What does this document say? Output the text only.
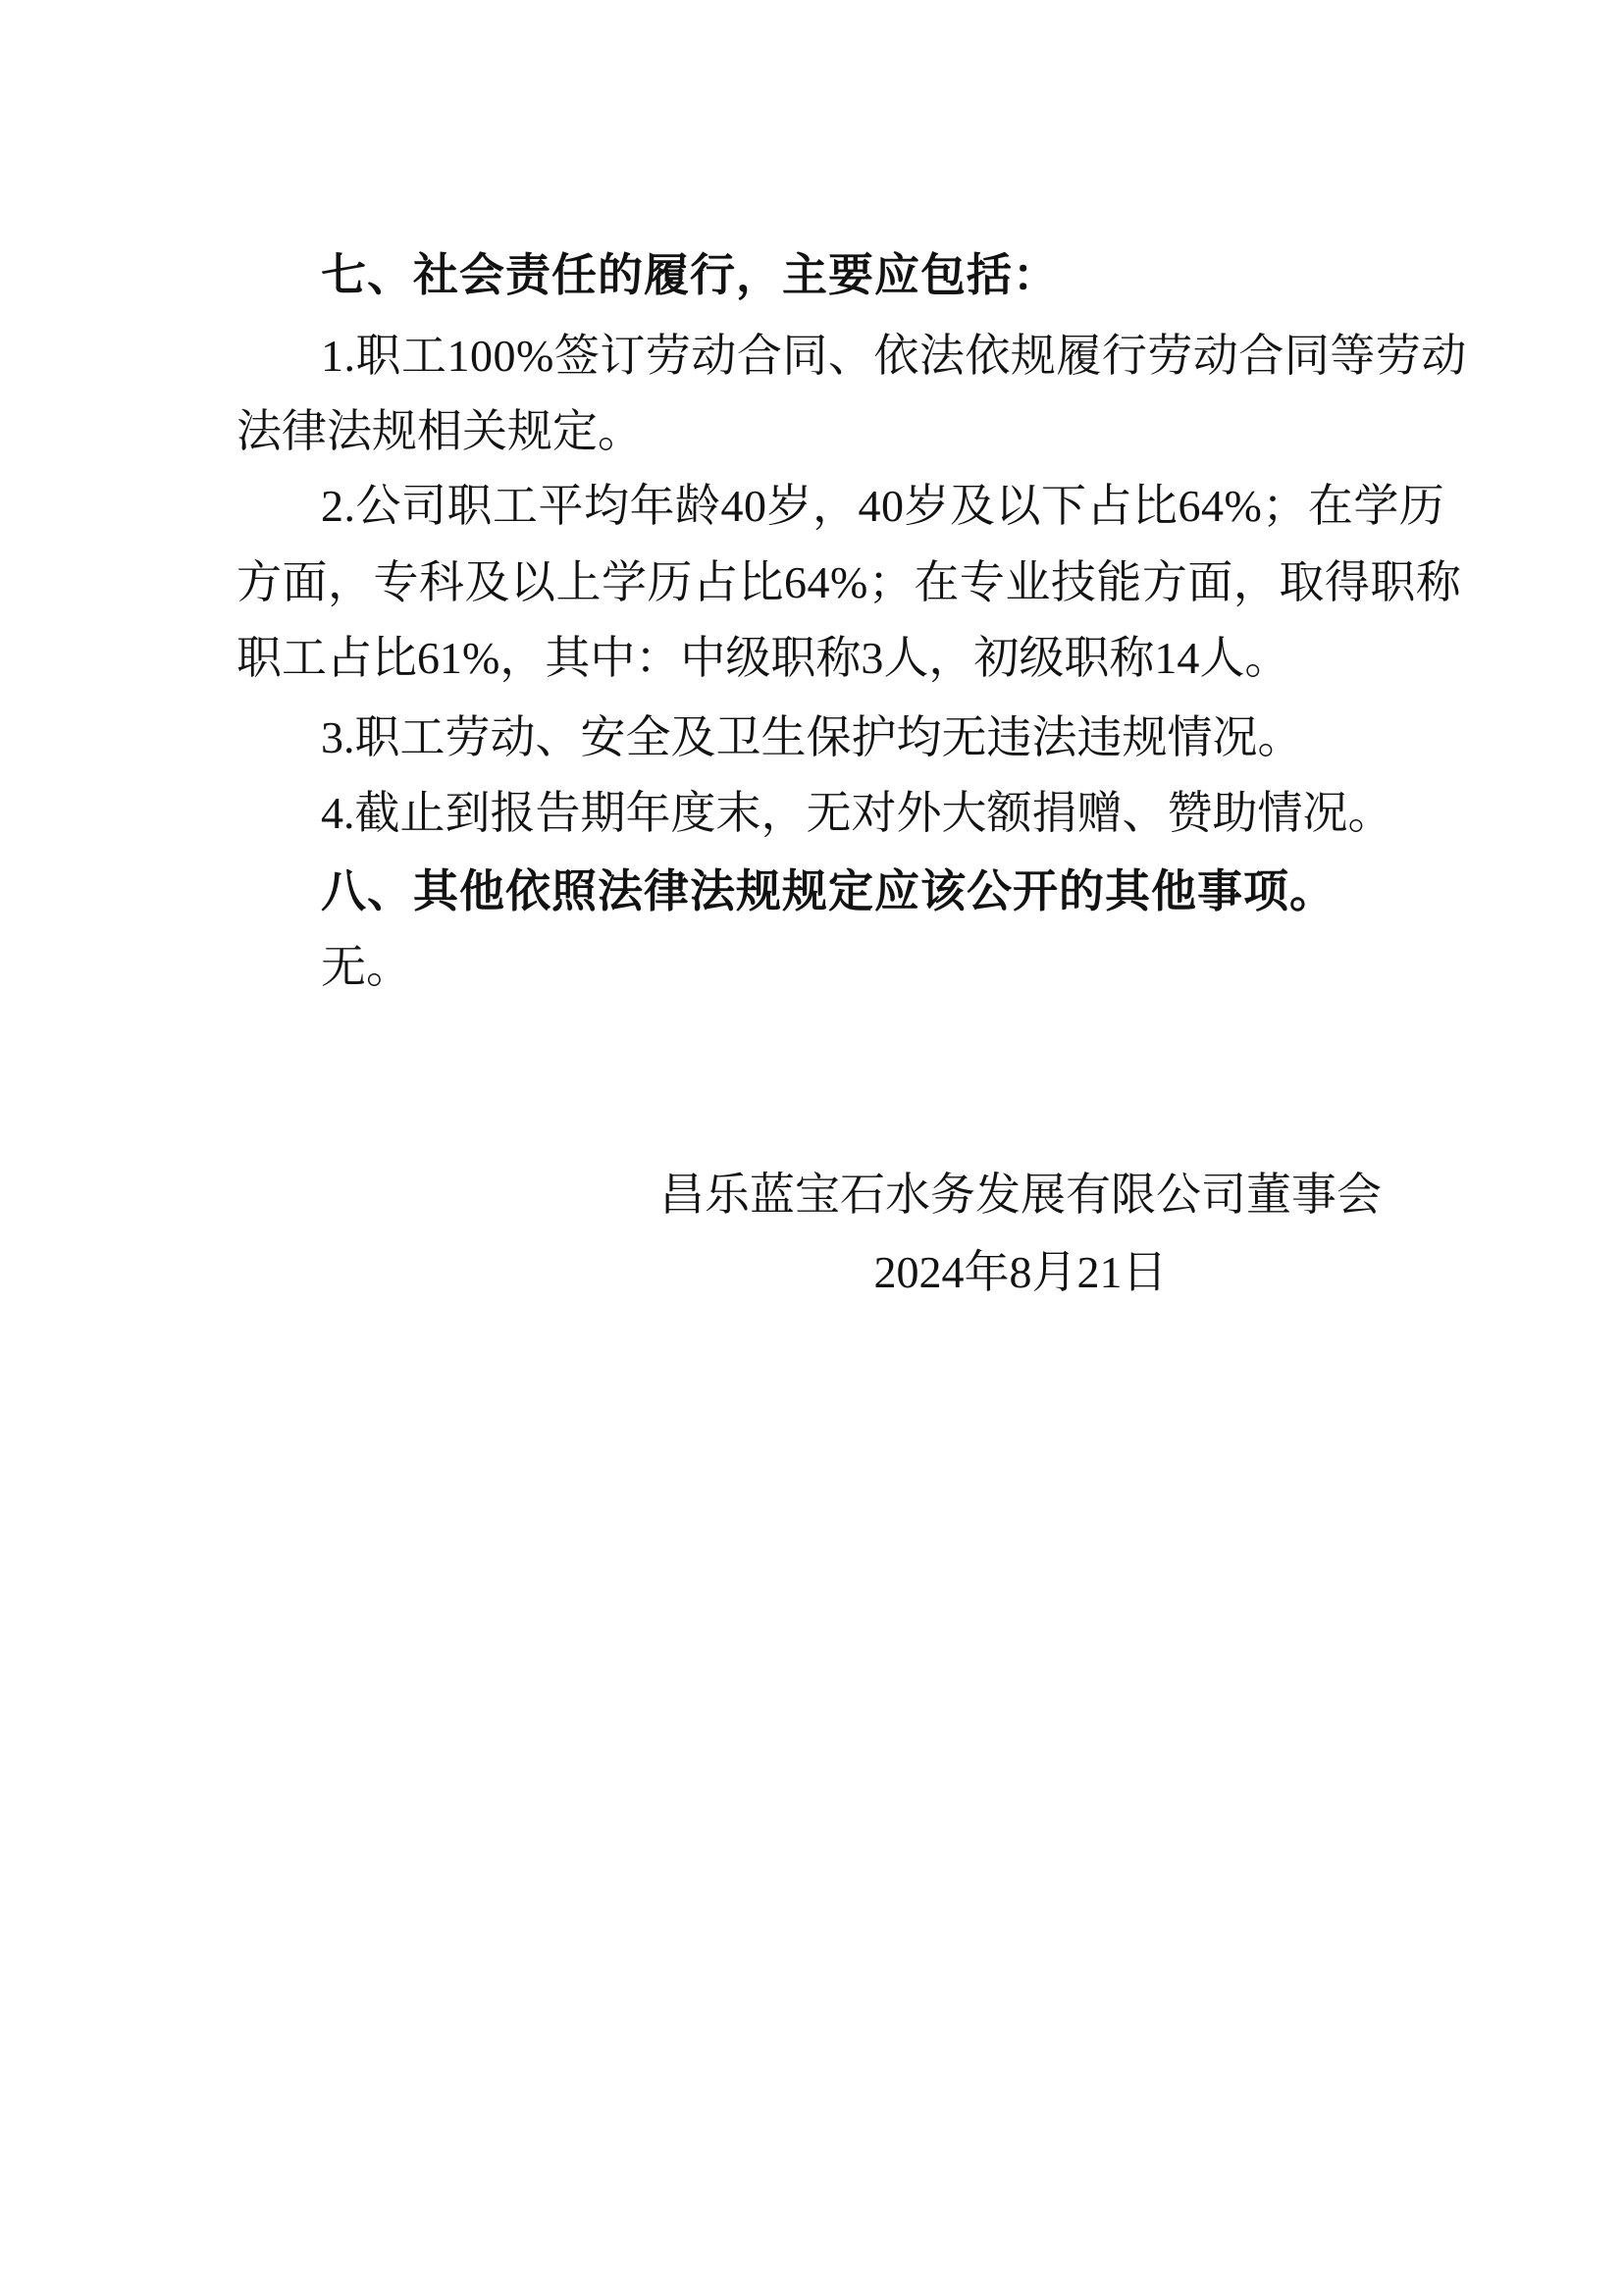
七、社会责任的履行，主要应包括：
1.职工100%签订劳动合同、依法依规履行劳动合同等劳动
法律法规相关规定。
2.公司职工平均年龄40岁，40岁及以下占比64%；在学历
方面，专科及以上学历占比64%；在专业技能方面，取得职称
职工占比61%，其中：中级职称3人，初级职称14人。
3.职工劳动、安全及卫生保护均无违法违规情况。
4.截止到报告期年度末，无对外大额捐赠、赞助情况。
八、其他依照法律法规规定应该公开的其他事项。
无。
昌乐蓝宝石水务发展有限公司董事会
2024年8月21日
